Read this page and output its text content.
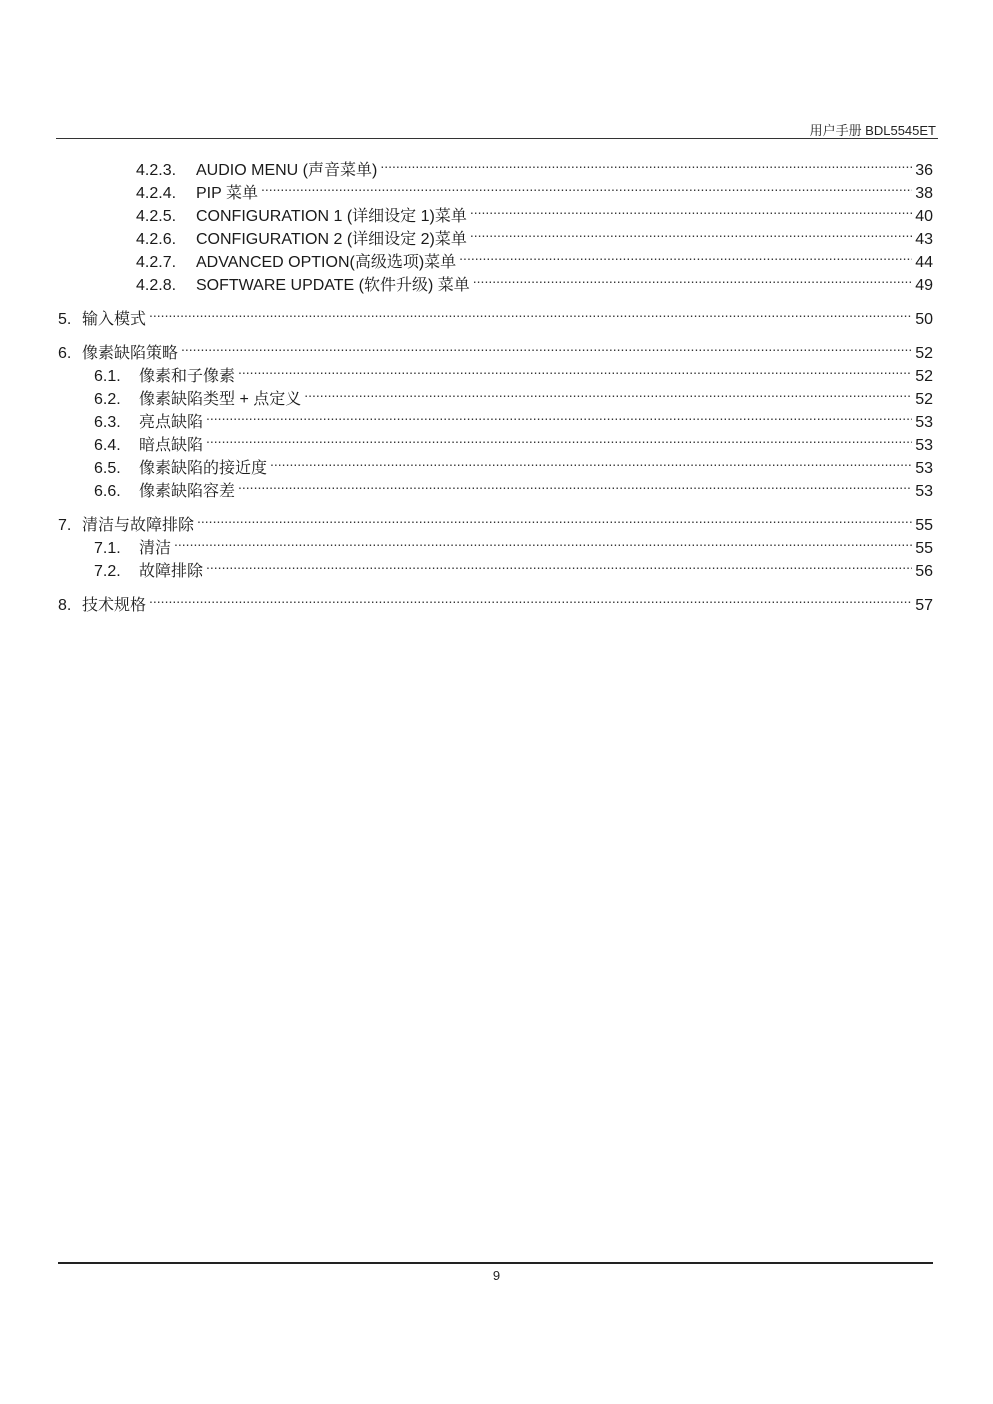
用户手册 BDL5545ET
4.2.3.	AUDIO MENU (声音菜单) .....	36
4.2.4.	PIP 菜单 .....	38
4.2.5.	CONFIGURATION 1 (详细设定 1)菜单 .....	40
4.2.6.	CONFIGURATION 2 (详细设定 2)菜单 .....	43
4.2.7.	ADVANCED OPTION(高级选项)菜单 .....	44
4.2.8.	SOFTWARE UPDATE (软件升级) 菜单 .....	49
5. 输入模式 .....	50
6. 像素缺陷策略 .....	52
6.1.	像素和子像素 .....	52
6.2.	像素缺陷类型 + 点定义 .....	52
6.3.	亮点缺陷 .....	53
6.4.	暗点缺陷 .....	53
6.5.	像素缺陷的接近度 .....	53
6.6.	像素缺陷容差 .....	53
7. 清洁与故障排除 .....	55
7.1.	清洁 .....	55
7.2.	故障排除 .....	56
8. 技术规格 .....	57
9
